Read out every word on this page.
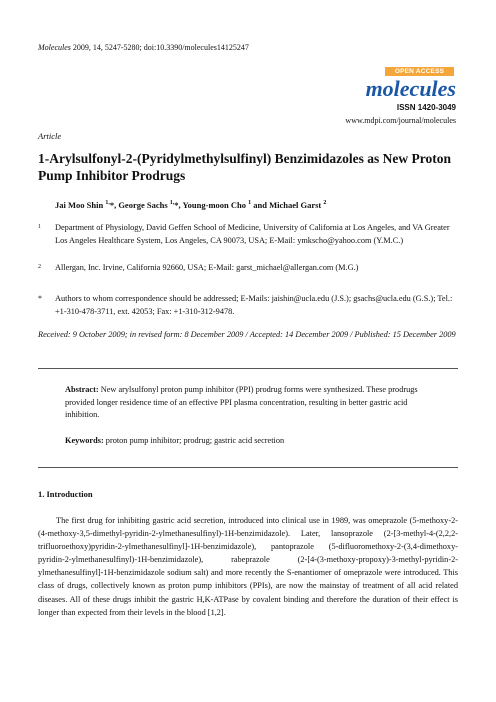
Molecules 2009, 14, 5247-5280; doi:10.3390/molecules14125247
OPEN ACCESS
molecules
ISSN 1420-3049
www.mdpi.com/journal/molecules
Article
1-Arylsulfonyl-2-(Pyridylmethylsulfinyl) Benzimidazoles as New Proton Pump Inhibitor Prodrugs
Jai Moo Shin $^{1,}$*, George Sachs $^{1,}$*, Young-moon Cho $^1$ and Michael Garst $^2$
1 Department of Physiology, David Geffen School of Medicine, University of California at Los Angeles, and VA Greater Los Angeles Healthcare System, Los Angeles, CA 90073, USA; E-Mail: ymkscho@yahoo.com (Y.M.C.)
2 Allergan, Inc. Irvine, California 92660, USA; E-Mail: garst_michael@allergan.com (M.G.)
* Authors to whom correspondence should be addressed; E-Mails: jaishin@ucla.edu (J.S.); gsachs@ucla.edu (G.S.); Tel.: +1-310-478-3711, ext. 42053; Fax: +1-310-312-9478.
Received: 9 October 2009; in revised form: 8 December 2009 / Accepted: 14 December 2009 / Published: 15 December 2009
Abstract: New arylsulfonyl proton pump inhibitor (PPI) prodrug forms were synthesized. These prodrugs provided longer residence time of an effective PPI plasma concentration, resulting in better gastric acid inhibition.
Keywords: proton pump inhibitor; prodrug; gastric acid secretion
1. Introduction

The first drug for inhibiting gastric acid secretion, introduced into clinical use in 1989, was omeprazole (5-methoxy-2-(4-methoxy-3,5-dimethyl-pyridin-2-ylmethanesulfinyl)-1H-benzimidazole). Later, lansoprazole (2-[3-methyl-4-(2,2,2-trifluoroethoxy)pyridin-2-ylmethanesulfinyl]-1H-benzimidazole), pantoprazole (5-difluoromethoxy-2-(3,4-dimethoxy-pyridin-2-ylmethanesulfinyl)-1H-benzimidazole), rabeprazole (2-[4-(3-methoxy-propoxy)-3-methyl-pyridin-2-ylmethanesulfinyl]-1H-benzimidazole sodium salt) and more recently the S-enantiomer of omeprazole were introduced. This class of drugs, collectively known as proton pump inhibitors (PPIs), are now the mainstay of treatment of all acid related diseases. All of these drugs inhibit the gastric H,K-ATPase by covalent binding and therefore the duration of their effect is longer than expected from their levels in the blood [1,2].
